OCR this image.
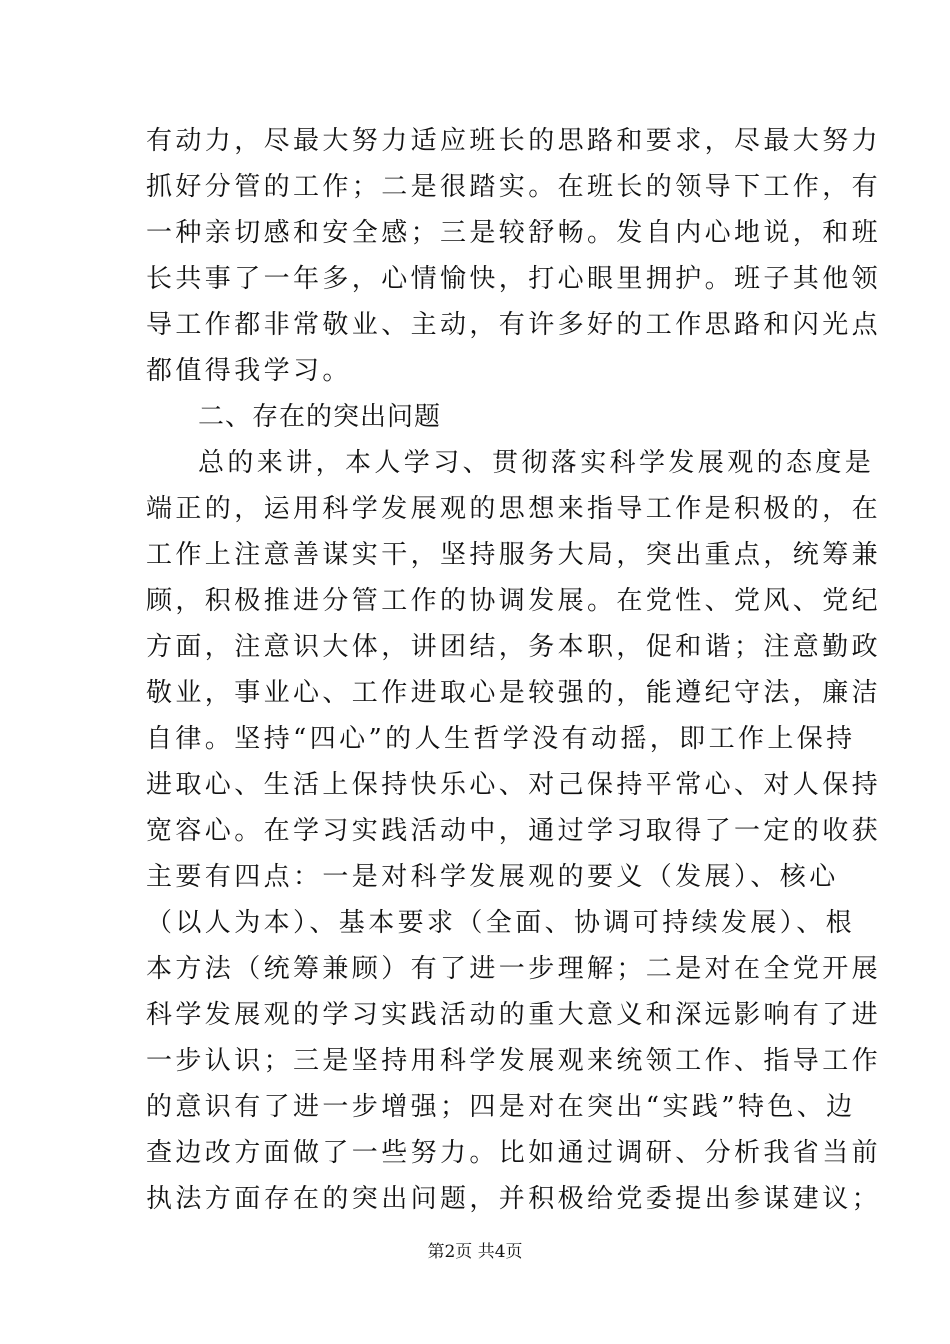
有动力，尽最大努力适应班长的思路和要求，尽最大努力
抓好分管的工作；二是很踏实。在班长的领导下工作，有
一种亲切感和安全感；三是较舒畅。发自内心地说，和班
长共事了一年多，心情愉快，打心眼里拥护。班子其他领
导工作都非常敬业、主动，有许多好的工作思路和闪光点
都值得我学习。
二、存在的突出问题
总的来讲，本人学习、贯彻落实科学发展观的态度是
端正的，运用科学发展观的思想来指导工作是积极的，在
工作上注意善谋实干，坚持服务大局，突出重点，统筹兼
顾，积极推进分管工作的协调发展。在党性、党风、党纪
方面，注意识大体，讲团结，务本职，促和谐；注意勤政
敬业，事业心、工作进取心是较强的，能遵纪守法，廉洁
自律。坚持“四心”的人生哲学没有动摇，即工作上保持
进取心、生活上保持快乐心、对己保持平常心、对人保持
宽容心。在学习实践活动中，通过学习取得了一定的收获
主要有四点：一是对科学发展观的要义（发展）、核心
（以人为本）、基本要求（全面、协调可持续发展）、根
本方法（统筹兼顾）有了进一步理解；二是对在全党开展
科学发展观的学习实践活动的重大意义和深远影响有了进
一步认识；三是坚持用科学发展观来统领工作、指导工作
的意识有了进一步增强；四是对在突出“实践”特色、边
查边改方面做了一些努力。比如通过调研、分析我省当前
执法方面存在的突出问题，并积极给党委提出参谋建议；
第2页 共4页
